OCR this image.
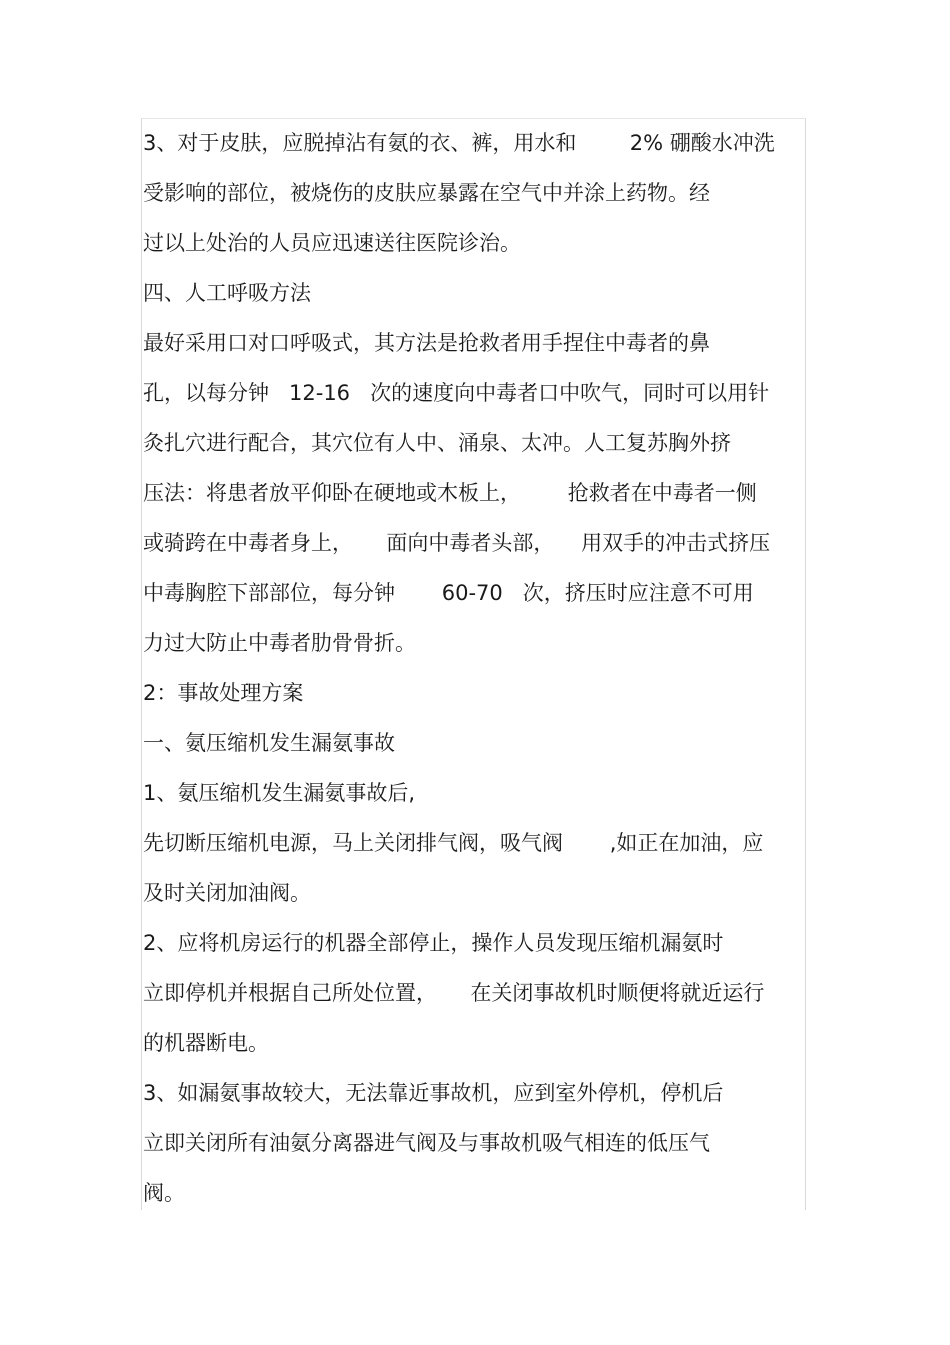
3、对于皮肤，应脱掉沾有氨的衣、裤，用水和        2% 硼酸水冲洗
受影响的部位，被烧伤的皮肤应暴露在空气中并涂上药物。经
过以上处治的人员应迅速送往医院诊治。
四、人工呼吸方法
最好采用口对口呼吸式，其方法是抢救者用手捏住中毒者的鼻
孔，以每分钟   12-16   次的速度向中毒者口中吹气，同时可以用针
灸扎穴进行配合，其穴位有人中、涌泉、太冲。人工复苏胸外挤
压法：将患者放平仰卧在硬地或木板上，       抢救者在中毒者一侧
或骑跨在中毒者身上，     面向中毒者头部，    用双手的冲击式挤压
中毒胸腔下部部位，每分钟       60-70   次，挤压时应注意不可用
力过大防止中毒者肋骨骨折。
2：事故处理方案
一、氨压缩机发生漏氨事故
1、氨压缩机发生漏氨事故后,
先切断压缩机电源，马上关闭排气阀，吸气阀       ,如正在加油，应
及时关闭加油阀。
2、应将机房运行的机器全部停止，操作人员发现压缩机漏氨时
立即停机并根据自己所处位置，     在关闭事故机时顺便将就近运行
的机器断电。
3、如漏氨事故较大，无法靠近事故机，应到室外停机，停机后
立即关闭所有油氨分离器进气阀及与事故机吸气相连的低压气
阀。
